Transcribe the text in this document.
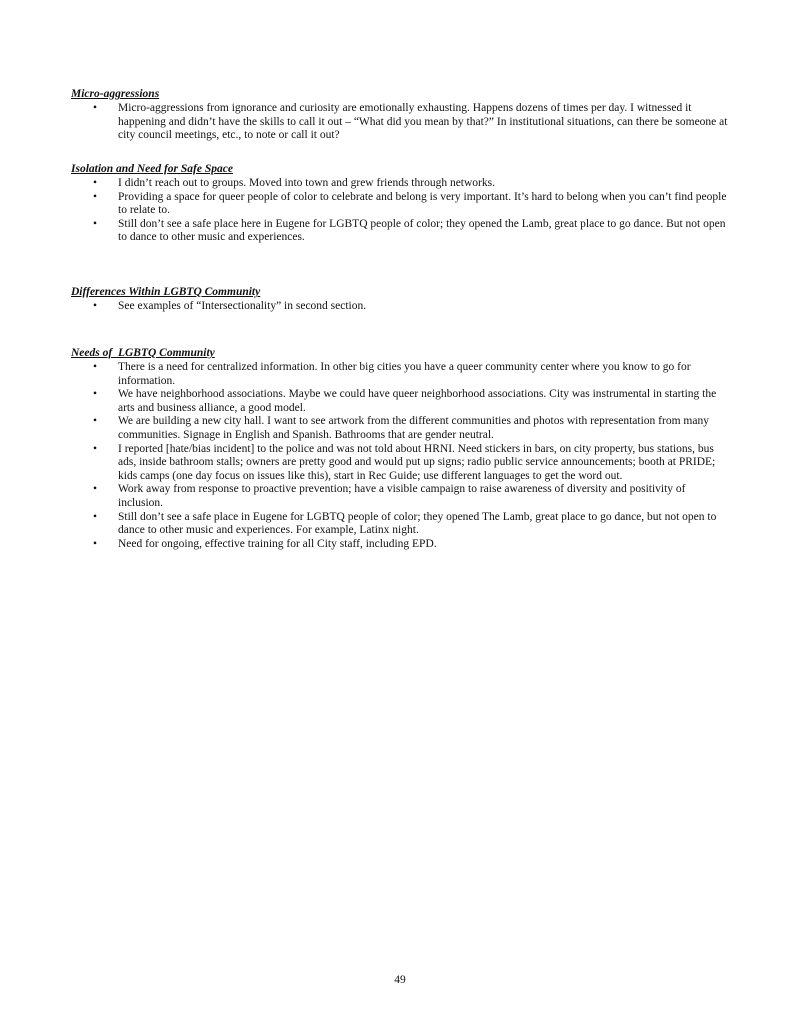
Micro-aggressions

• Micro-aggressions from ignorance and curiosity are emotionally exhausting. Happens dozens of times per day. I witnessed it happening and didn’t have the skills to call it out – “What did you mean by that?” In institutional situations, can there be someone at city council meetings, etc., to note or call it out?

Isolation and Need for Safe Space

• I didn’t reach out to groups. Moved into town and grew friends through networks.
• Providing a space for queer people of color to celebrate and belong is very important. It’s hard to belong when you can’t find people to relate to.
• Still don’t see a safe place here in Eugene for LGBTQ people of color; they opened the Lamb, great place to go dance. But not open to dance to other music and experiences.

Differences Within LGBTQ Community

• See examples of “Intersectionality” in second section.

Needs of  LGBTQ Community

• There is a need for centralized information. In other big cities you have a queer community center where you know to go for information.
• We have neighborhood associations. Maybe we could have queer neighborhood associations. City was instrumental in starting the arts and business alliance, a good model.
• We are building a new city hall. I want to see artwork from the different communities and photos with representation from many communities. Signage in English and Spanish. Bathrooms that are gender neutral.
• I reported [hate/bias incident] to the police and was not told about HRNI. Need stickers in bars, on city property, bus stations, bus ads, inside bathroom stalls; owners are pretty good and would put up signs; radio public service announcements; booth at PRIDE; kids camps (one day focus on issues like this), start in Rec Guide; use different languages to get the word out.
• Work away from response to proactive prevention; have a visible campaign to raise awareness of diversity and positivity of inclusion.
• Still don’t see a safe place in Eugene for LGBTQ people of color; they opened The Lamb, great place to go dance, but not open to dance to other music and experiences. For example, Latinx night.
• Need for ongoing, effective training for all City staff, including EPD.
49
